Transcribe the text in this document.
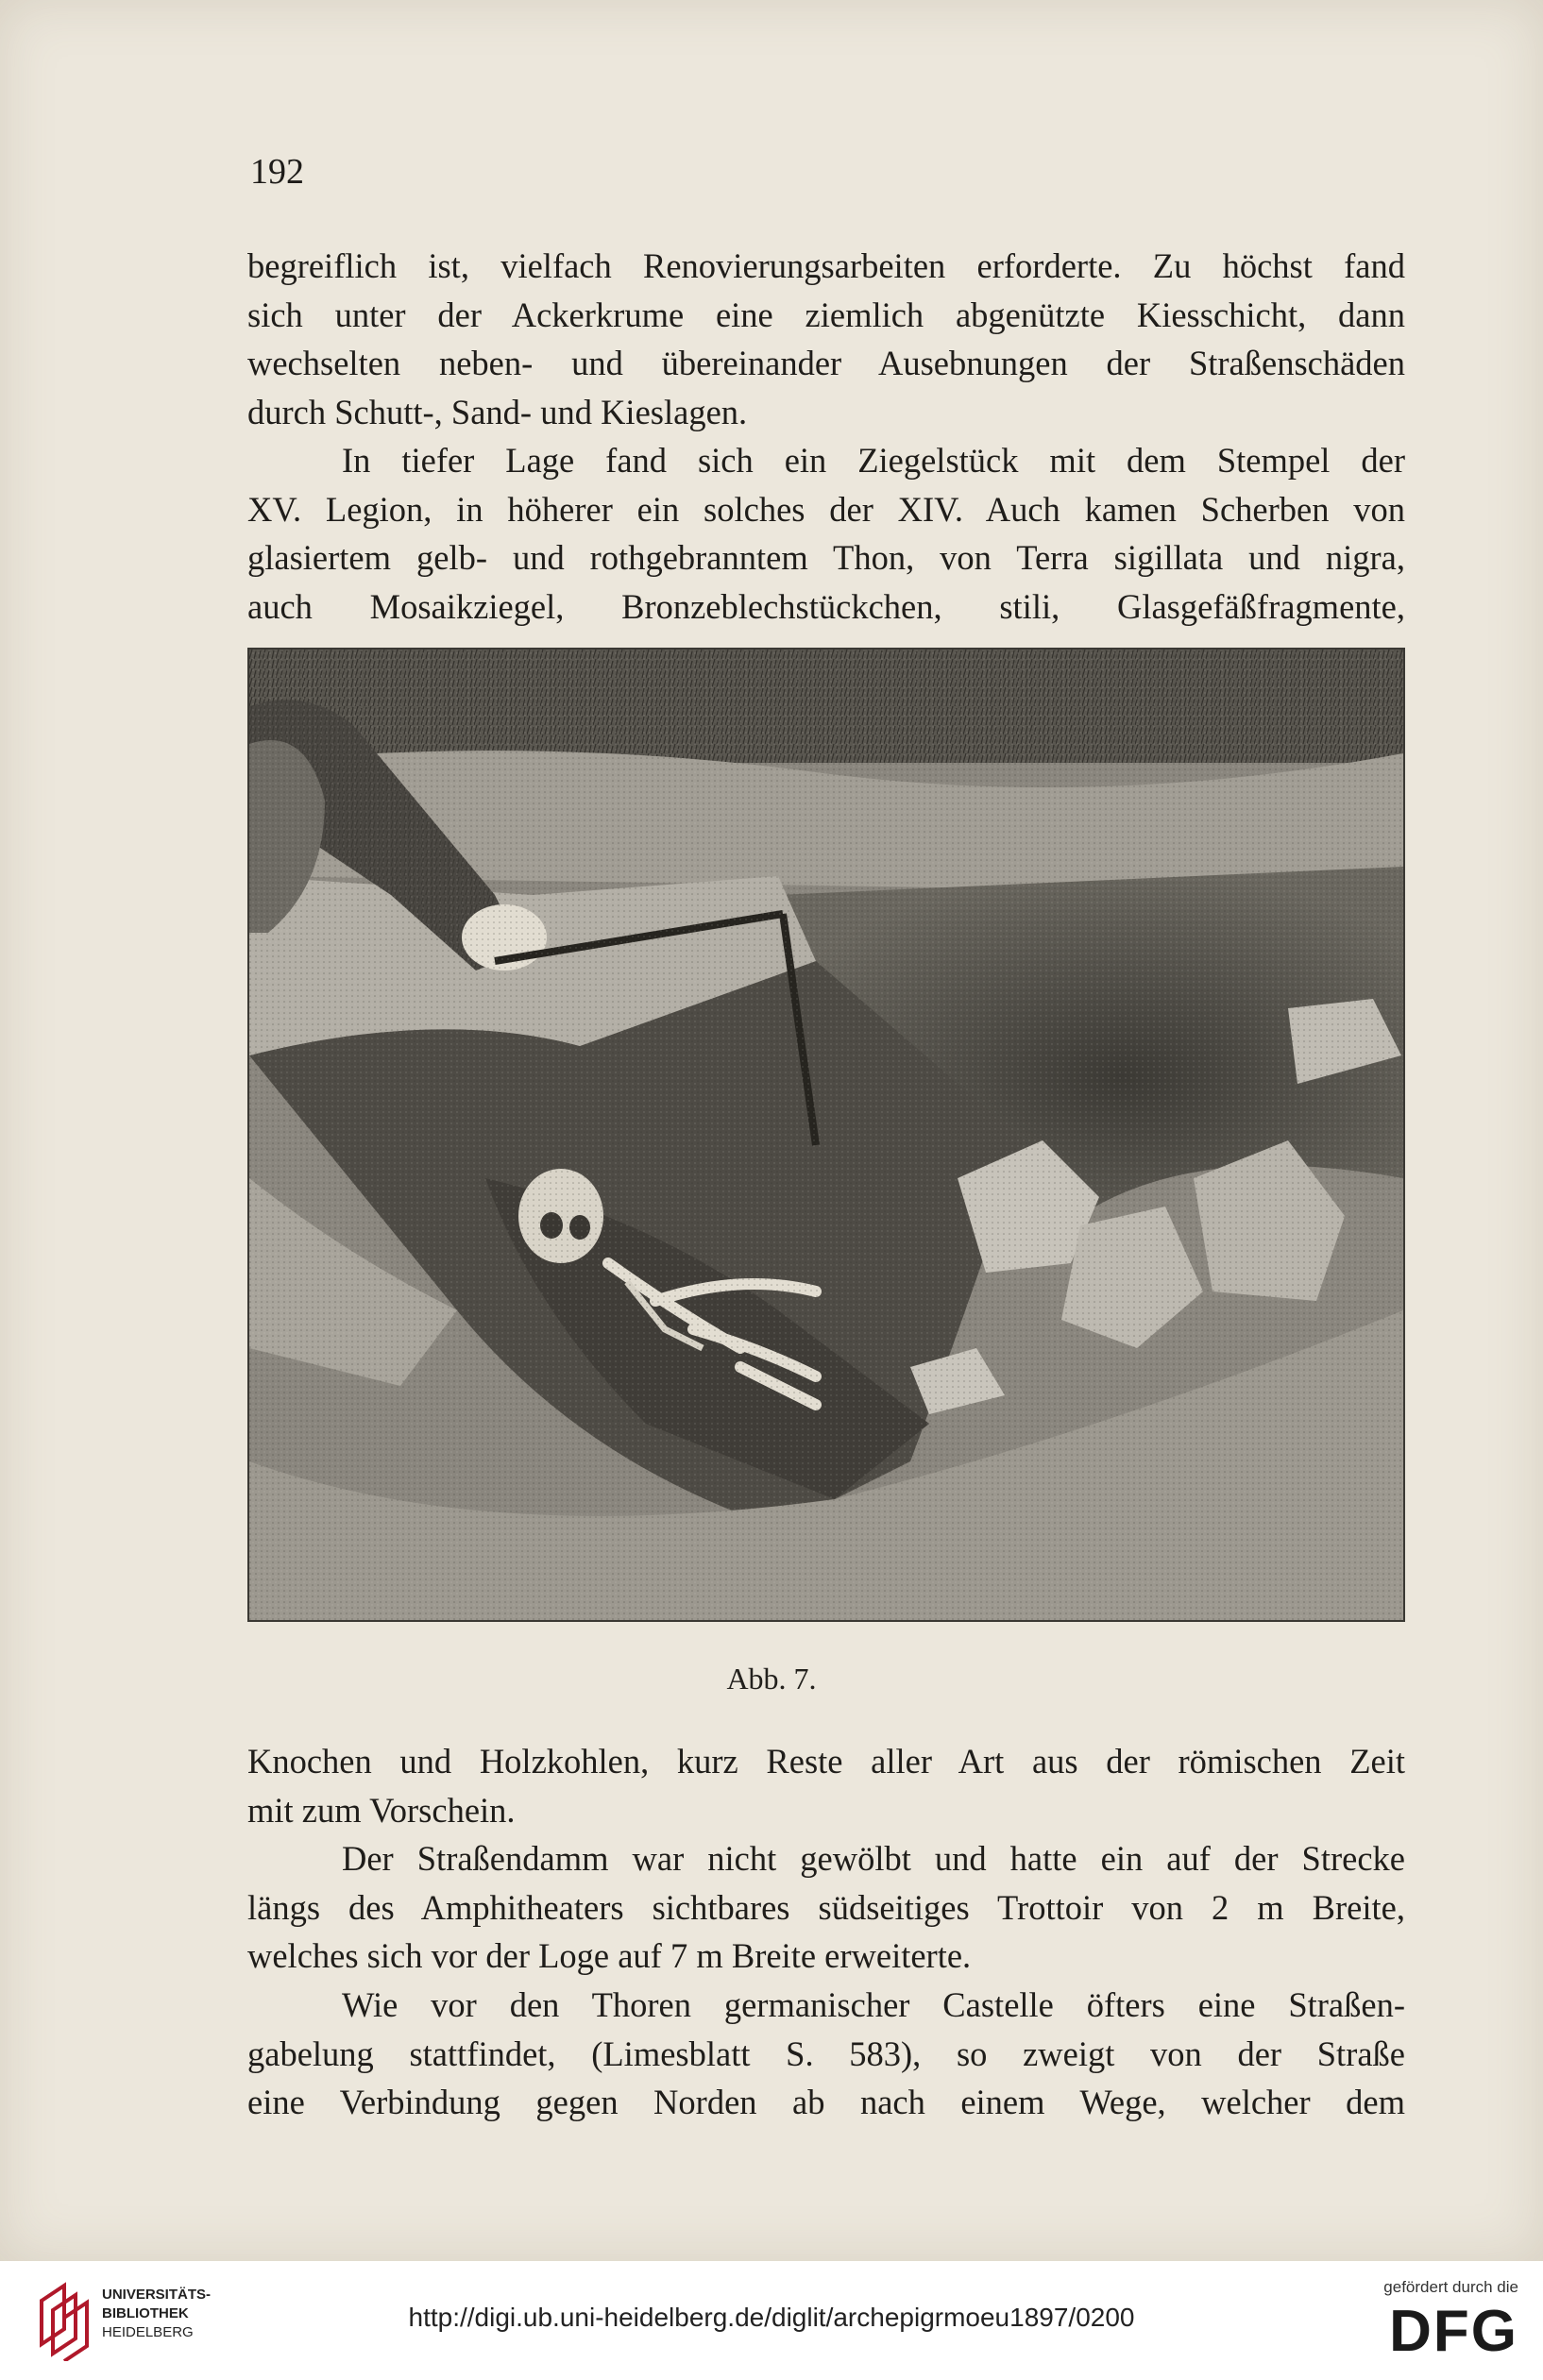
192
begreiflich ist, vielfach Renovierungsarbeiten erforderte. Zu höchst fand
sich unter der Ackerkrume eine ziemlich abgenützte Kiesschicht, dann
wechselten neben- und übereinander Ausebnungen der Straßenschäden
durch Schutt-, Sand- und Kieslagen.
In tiefer Lage fand sich ein Ziegelstück mit dem Stempel der
XV. Legion, in höherer ein solches der XIV. Auch kamen Scherben von
glasiertem gelb- und rothgebranntem Thon, von Terra sigillata und nigra,
auch Mosaikziegel, Bronzeblechstückchen, stili, Glasgefäßfragmente,
Abb. 7.
Knochen und Holzkohlen, kurz Reste aller Art aus der römischen Zeit
mit zum Vorschein.
Der Straßendamm war nicht gewölbt und hatte ein auf der Strecke
längs des Amphitheaters sichtbares südseitiges Trottoir von 2 m Breite,
welches sich vor der Loge auf 7 m Breite erweiterte.
Wie vor den Thoren germanischer Castelle öfters eine Straßen-
gabelung stattfindet, (Limesblatt S. 583), so zweigt von der Straße
eine Verbindung gegen Norden ab nach einem Wege, welcher dem
UNIVERSITÄTS-
BIBLIOTHEK
HEIDELBERG
http://digi.ub.uni-heidelberg.de/diglit/archepigrmoeu1897/0200
gefördert durch die
DFG
